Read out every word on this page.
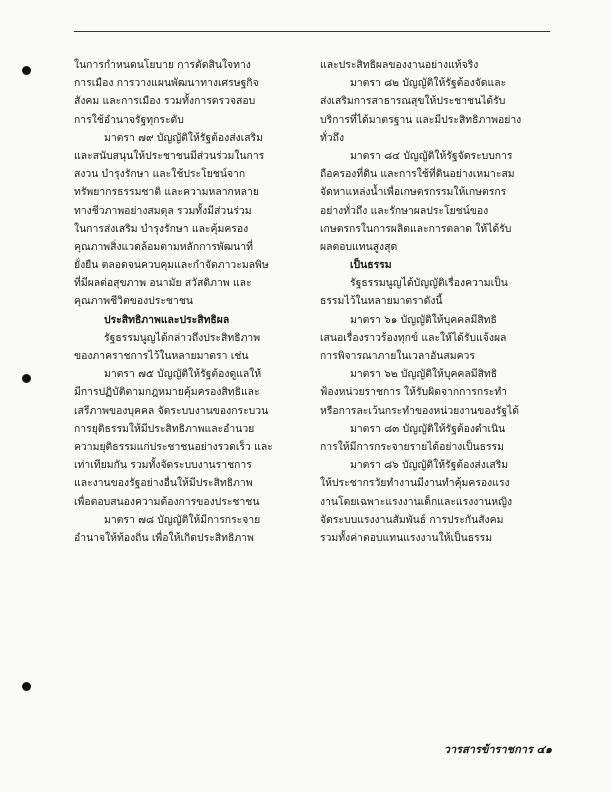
ในการกำหนดนโยบาย การตัดสินใจทาง
การเมือง การวางแผนพัฒนาทางเศรษฐกิจ
สังคม และการเมือง รวมทั้งการตรวจสอบ
การใช้อำนาจรัฐทุกระดับ
มาตรา ๗๙ บัญญัติให้รัฐต้องส่งเสริม
และสนับสนุนให้ประชาชนมีส่วนร่วมในการ
สงวน บำรุงรักษา และใช้ประโยชน์จาก
ทรัพยากรธรรมชาติ และความหลากหลาย
ทางชีวภาพอย่างสมดุล รวมทั้งมีส่วนร่วม
ในการส่งเสริม บำรุงรักษา และคุ้มครอง
คุณภาพสิ่งแวดล้อมตามหลักการพัฒนาที่
ยั่งยืน ตลอดจนควบคุมและกำจัดภาวะมลพิษ
ที่มีผลต่อสุขภาพ อนามัย สวัสดิภาพ และ
คุณภาพชีวิตของประชาชน
ประสิทธิภาพและประสิทธิผล
รัฐธรรมนูญได้กล่าวถึงประสิทธิภาพ
ของภาคราชการไว้ในหลายมาตรา เช่น
มาตรา ๗๕ บัญญัติให้รัฐต้องดูแลให้
มีการปฏิบัติตามกฎหมายคุ้มครองสิทธิและ
เสรีภาพของบุคคล จัดระบบงานของกระบวน
การยุติธรรมให้มีประสิทธิภาพและอำนวย
ความยุติธรรมแก่ประชาชนอย่างรวดเร็ว และ
เท่าเทียมกัน รวมทั้งจัดระบบงานราชการ
และงานของรัฐอย่างอื่นให้มีประสิทธิภาพ
เพื่อตอบสนองความต้องการของประชาชน
มาตรา ๗๘ บัญญัติให้มีการกระจาย
อำนาจให้ท้องถิ่น เพื่อให้เกิดประสิทธิภาพ
และประสิทธิผลของงานอย่างแท้จริง
มาตรา ๘๒ บัญญัติให้รัฐต้องจัดและ
ส่งเสริมการสาธารณสุขให้ประชาชนได้รับ
บริการที่ได้มาตรฐาน และมีประสิทธิภาพอย่าง
ทั่วถึง
มาตรา ๘๔ บัญญัติให้รัฐจัดระบบการ
ถือครองที่ดิน และการใช้ที่ดินอย่างเหมาะสม
จัดหาแหล่งน้ำเพื่อเกษตรกรรมให้เกษตรกร
อย่างทั่วถึง และรักษาผลประโยชน์ของ
เกษตรกรในการผลิตและการตลาด ให้ได้รับ
ผลตอบแทนสูงสุด
เป็นธรรม
รัฐธรรมนูญได้บัญญัติเรื่องความเป็น
ธรรมไว้ในหลายมาตราดังนี้
มาตรา ๖๑ บัญญัติให้บุคคลมีสิทธิ
เสนอเรื่องราวร้องทุกข์ และให้ได้รับแจ้งผล
การพิจารณาภายในเวลาอันสมควร
มาตรา ๖๒ บัญญัติให้บุคคลมีสิทธิ
ฟ้องหน่วยราชการ ให้รับผิดจากการกระทำ
หรือการละเว้นกระทำของหน่วยงานของรัฐได้
มาตรา ๘๓ บัญญัติให้รัฐต้องดำเนิน
การให้มีการกระจายรายได้อย่างเป็นธรรม
มาตรา ๘๖ บัญญัติให้รัฐต้องส่งเสริม
ให้ประชากรวัยทำงานมีงานทำคุ้มครองแรง
งานโดยเฉพาะแรงงานเด็กและแรงงานหญิง
จัดระบบแรงงานสัมพันธ์ การประกันสังคม
รวมทั้งค่าตอบแทนแรงงานให้เป็นธรรม
วารสารข้าราชการ ๔๑
